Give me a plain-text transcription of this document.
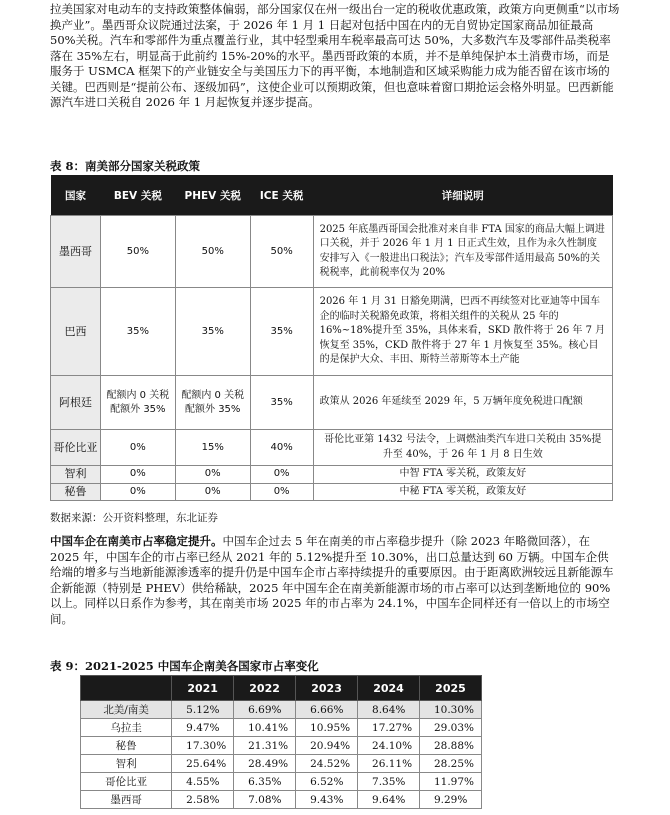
拉美国家对电动车的支持政策整体偏弱，部分国家仅在州一级出台一定的税收优惠政策，政策方向更侧重“以市场换产业”。墨西哥众议院通过法案，于 2026 年 1 月 1 日起对包括中国在内的无自贸协定国家商品加征最高 50%关税。汽车和零部件为重点覆盖行业，其中轻型乘用车税率最高可达 50%，大多数汽车及零部件品类税率落在 35%左右，明显高于此前约 15%-20%的水平。墨西哥政策的本质，并不是单纯保护本土消费市场，而是服务于 USMCA 框架下的产业链安全与美国压力下的再平衡，本地制造和区域采购能力成为能否留在该市场的关键。巴西则是“提前公布、逐级加码”，这使企业可以预期政策，但也意味着窗口期抢运会格外明显。巴西新能源汽车进口关税自 2026 年 1 月起恢复并逐步提高。

表 8：南美部分国家关税政策

国家	BEV 关税	PHEV 关税	ICE 关税	详细说明
墨西哥	50%	50%	50%	2025 年底墨西哥国会批准对来自非 FTA 国家的商品大幅上调进口关税，并于 2026 年 1 月 1 日正式生效，且作为永久性制度安排写入《一般进出口税法》；汽车及零部件适用最高 50%的关税税率，此前税率仅为 20%
巴西	35%	35%	35%	2026 年 1 月 31 日豁免期满，巴西不再续签对比亚迪等中国车企的临时关税豁免政策，将相关组件的关税从 25 年的 16%~18%提升至 35%，具体来看，SKD 散件将于 26 年 7 月恢复至 35%，CKD 散件将于 27 年 1 月恢复至 35%。核心目的是保护大众、丰田、斯特兰蒂斯等本土产能
阿根廷	配额内 0 关税配额外 35%	配额内 0 关税配额外 35%	35%	政策从 2026 年延续至 2029 年，5 万辆年度免税进口配额
哥伦比亚	0%	15%	40%	哥伦比亚第 1432 号法令，上调燃油类汽车进口关税由 35%提升至 40%，于 26 年 1 月 8 日生效
智利	0%	0%	0%	中智 FTA 零关税，政策友好
秘鲁	0%	0%	0%	中秘 FTA 零关税，政策友好

数据来源：公开资料整理，东北证券

中国车企在南美市占率稳定提升。中国车企过去 5 年在南美的市占率稳步提升（除 2023 年略微回落），在 2025 年，中国车企的市占率已经从 2021 年的 5.12%提升至 10.30%，出口总量达到 60 万辆。中国车企供给端的增多与当地新能源渗透率的提升仍是中国车企市占率持续提升的重要原因。由于距离欧洲较远且新能源车企新能源（特别是 PHEV）供给稀缺，2025 年中国车企在南美新能源市场的市占率可以达到垄断地位的 90%以上。同样以日系作为参考，其在南美市场 2025 年的市占率为 24.1%，中国车企同样还有一倍以上的市场空间。

表 9：2021-2025 中国车企南美各国家市占率变化

	2021	2022	2023	2024	2025
北美/南美	5.12%	6.69%	6.66%	8.64%	10.30%
乌拉圭	9.47%	10.41%	10.95%	17.27%	29.03%
秘鲁	17.30%	21.31%	20.94%	24.10%	28.88%
智利	25.64%	28.49%	24.52%	26.11%	28.25%
哥伦比亚	4.55%	6.35%	6.52%	7.35%	11.97%
墨西哥	2.58%	7.08%	9.43%	9.64%	9.29%
